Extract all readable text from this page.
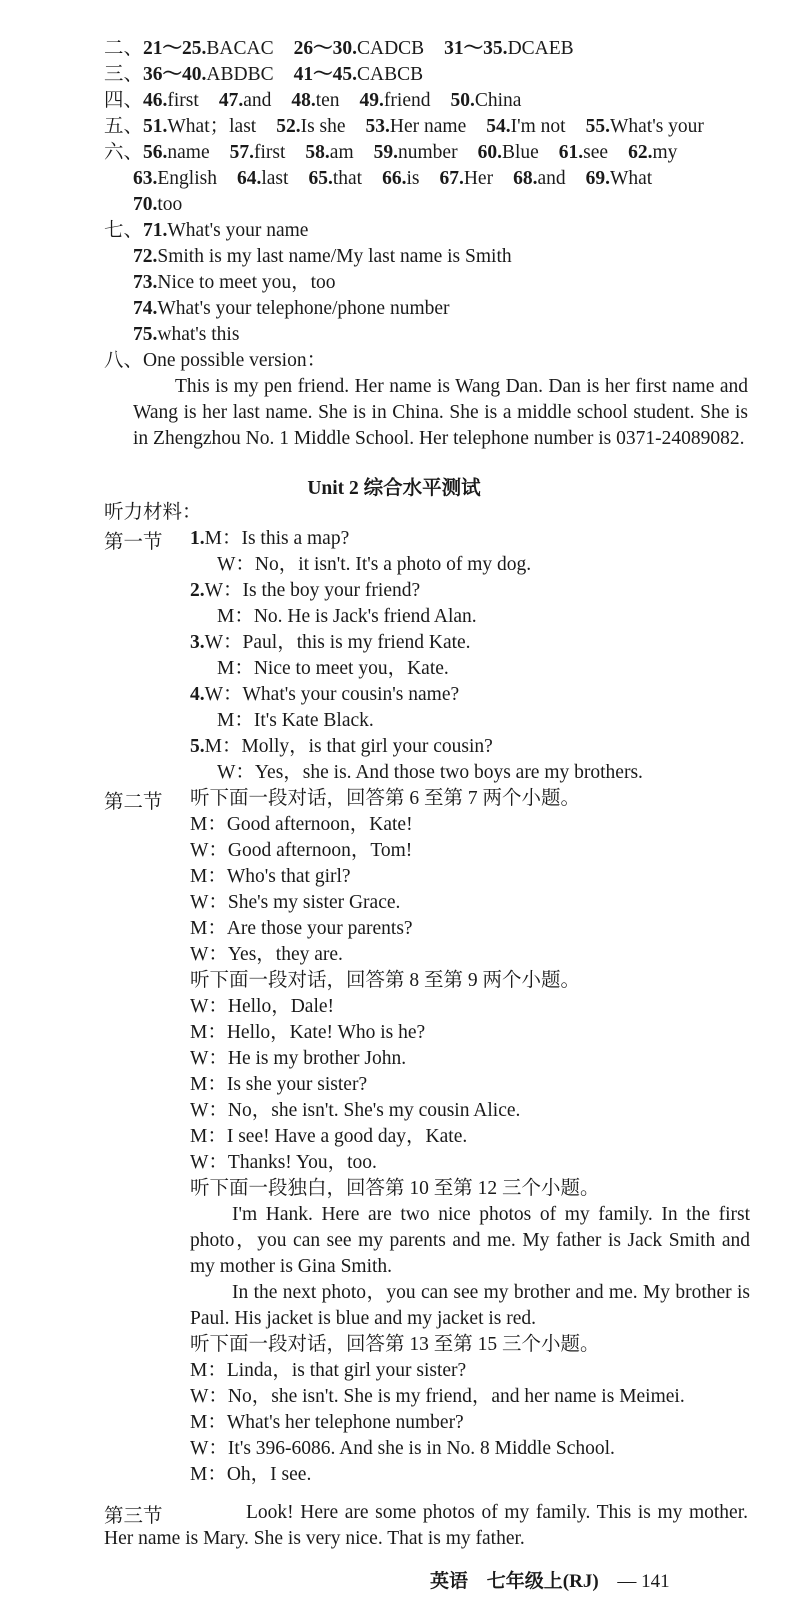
二、21～25.BACAC 26～30.CADCB 31～35.DCAEB
三、36～40.ABDBC 41～45.CABCB
四、46.first 47.and 48.ten 49.friend 50.China
五、51.What；last 52.Is she 53.Her name 54.I'm not 55.What's your
六、56.name 57.first 58.am 59.number 60.Blue 61.see 62.my
63.English 64.last 65.that 66.is 67.Her 68.and 69.What
70.too
七、71.What's your name
72.Smith is my last name/My last name is Smith
73.Nice to meet you，too
74.What's your telephone/phone number
75.what's this
八、One possible version：

This is my pen friend. Her name is Wang Dan. Dan is her first name and Wang is her last name. She is in China. She is a middle school student. She is in Zhengzhou No. 1 Middle School. Her telephone number is 0371-24089082.

Unit 2 综合水平测试
听力材料：
第一节 1.M：Is this a map?
W：No，it isn't. It's a photo of my dog.
2.W：Is the boy your friend?
M：No. He is Jack's friend Alan.
3.W：Paul，this is my friend Kate.
M：Nice to meet you，Kate.
4.W：What's your cousin's name?
M：It's Kate Black.
5.M：Molly，is that girl your cousin?
W：Yes，she is. And those two boys are my brothers.
第二节 听下面一段对话，回答第 6 至第 7 两个小题。
M：Good afternoon，Kate!
W：Good afternoon，Tom!
M：Who's that girl?
W：She's my sister Grace.
M：Are those your parents?
W：Yes，they are.
听下面一段对话，回答第 8 至第 9 两个小题。
W：Hello，Dale!
M：Hello，Kate! Who is he?
W：He is my brother John.
M：Is she your sister?
W：No，she isn't. She's my cousin Alice.
M：I see! Have a good day，Kate.
W：Thanks! You，too.
听下面一段独白，回答第 10 至第 12 三个小题。
I'm Hank. Here are two nice photos of my family. In the first photo，you can see my parents and me. My father is Jack Smith and my mother is Gina Smith.
In the next photo，you can see my brother and me. My brother is Paul. His jacket is blue and my jacket is red.
听下面一段对话，回答第 13 至第 15 三个小题。
M：Linda，is that girl your sister?
W：No，she isn't. She is my friend，and her name is Meimei.
M：What's her telephone number?
W：It's 396-6086. And she is in No. 8 Middle School.
M：Oh，I see.
第三节	Look! Here are some photos of my family. This is my mother. Her name is Mary. She is very nice. That is my father.
英语 七年级上(RJ) — 141
